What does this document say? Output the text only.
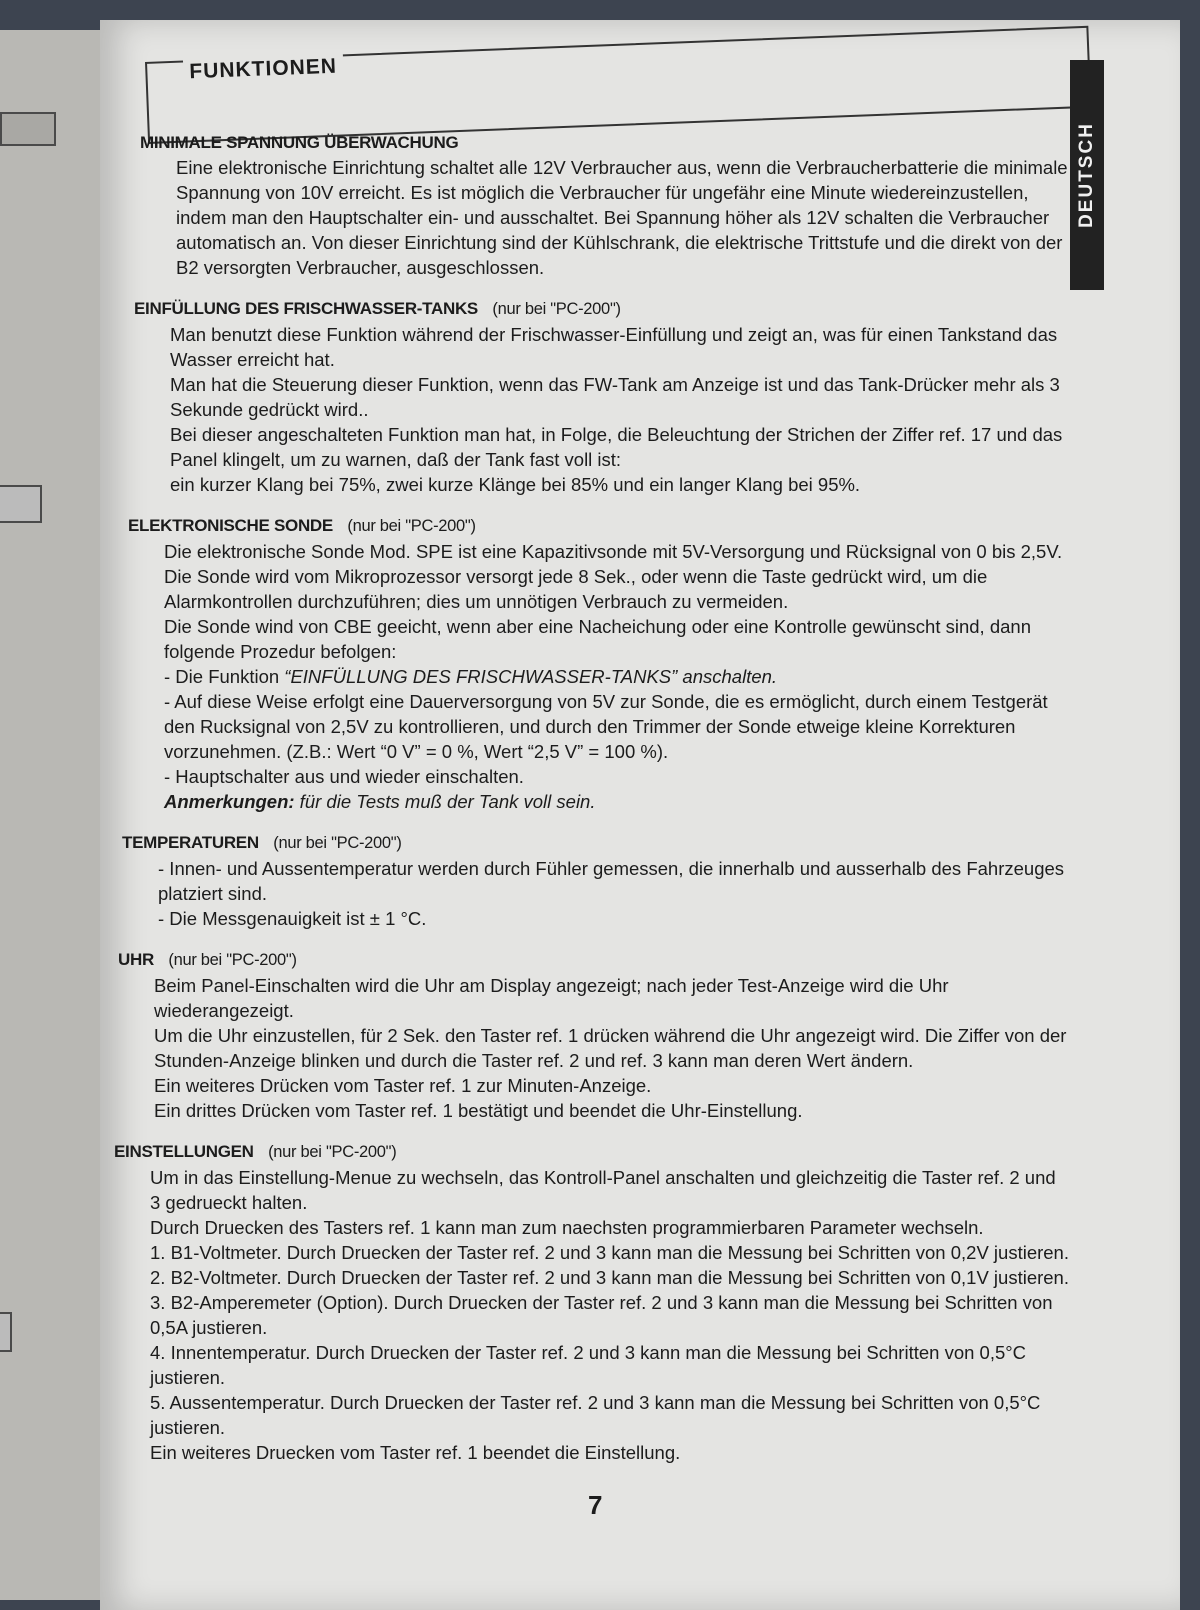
FUNKTIONEN
DEUTSCH
MINIMALE SPANNUNG ÜBERWACHUNG

Eine elektronische Einrichtung schaltet alle 12V Verbraucher aus, wenn die Verbraucherbatterie die minimale Spannung von 10V erreicht. Es ist möglich die Verbraucher für ungefähr eine Minute wiedereinzustellen, indem man den Hauptschalter ein- und ausschaltet. Bei Spannung höher als 12V schalten die Verbraucher automatisch an. Von dieser Einrichtung sind der Kühlschrank, die elektrische Trittstufe und die direkt von der B2 versorgten Verbraucher, ausgeschlossen.

EINFÜLLUNG DES FRISCHWASSER-TANKS (nur bei "PC-200")

Man benutzt diese Funktion während der Frischwasser-Einfüllung und zeigt an, was für einen Tankstand das Wasser erreicht hat.

Man hat die Steuerung dieser Funktion, wenn das FW-Tank am Anzeige ist und das Tank-Drücker mehr als 3 Sekunde gedrückt wird..

Bei dieser angeschalteten Funktion man hat, in Folge, die Beleuchtung der Strichen der Ziffer ref. 17 und das Panel klingelt, um zu warnen, daß der Tank fast voll ist:

ein kurzer Klang bei 75%, zwei kurze Klänge bei 85% und ein langer Klang bei 95%.

ELEKTRONISCHE SONDE (nur bei "PC-200")

Die elektronische Sonde Mod. SPE ist eine Kapazitivsonde mit 5V-Versorgung und Rücksignal von 0 bis 2,5V. Die Sonde wird vom Mikroprozessor versorgt jede 8 Sek., oder wenn die Taste gedrückt wird, um die Alarmkontrollen durchzuführen; dies um unnötigen Verbrauch zu vermeiden.

Die Sonde wind von CBE geeicht, wenn aber eine Nacheichung oder eine Kontrolle gewünscht sind, dann folgende Prozedur befolgen:

- Die Funktion “EINFÜLLUNG DES FRISCHWASSER-TANKS” anschalten.

- Auf diese Weise erfolgt eine Dauerversorgung von 5V zur Sonde, die es ermöglicht, durch einem Testgerät den Rucksignal von 2,5V zu kontrollieren, und durch den Trimmer der Sonde etweige kleine Korrekturen vorzunehmen. (Z.B.: Wert “0 V” = 0 %, Wert “2,5 V” = 100 %).

- Hauptschalter aus und wieder einschalten.

Anmerkungen: für die Tests muß der Tank voll sein.

TEMPERATUREN (nur bei "PC-200")

- Innen- und Aussentemperatur werden durch Fühler gemessen, die innerhalb und ausserhalb des Fahrzeuges platziert sind.

- Die Messgenauigkeit ist ± 1 °C.

UHR (nur bei "PC-200")

Beim Panel-Einschalten wird die Uhr am Display angezeigt; nach jeder Test-Anzeige wird die Uhr wiederangezeigt.

Um die Uhr einzustellen, für 2 Sek. den Taster ref. 1 drücken während die Uhr angezeigt wird. Die Ziffer von der Stunden-Anzeige blinken und durch die Taster ref. 2 und ref. 3 kann man deren Wert ändern.

Ein weiteres Drücken vom Taster ref. 1 zur Minuten-Anzeige.

Ein drittes Drücken vom Taster ref. 1 bestätigt und beendet die Uhr-Einstellung.

EINSTELLUNGEN (nur bei "PC-200")

Um in das Einstellung-Menue zu wechseln, das Kontroll-Panel anschalten und gleichzeitig die Taster ref. 2 und 3 gedrueckt halten.

Durch Druecken des Tasters ref. 1 kann man zum naechsten programmierbaren Parameter wechseln.

1. B1-Voltmeter. Durch Druecken der Taster ref. 2 und 3 kann man die Messung bei Schritten von 0,2V justieren.

2. B2-Voltmeter. Durch Druecken der Taster ref. 2 und 3 kann man die Messung bei Schritten von 0,1V justieren.

3. B2-Amperemeter (Option). Durch Druecken der Taster ref. 2 und 3 kann man die Messung bei Schritten von 0,5A justieren.

4. Innentemperatur. Durch Druecken der Taster ref. 2 und 3 kann man die Messung bei Schritten von 0,5°C justieren.

5. Aussentemperatur. Durch Druecken der Taster ref. 2 und 3 kann man die Messung bei Schritten von 0,5°C justieren.

Ein weiteres Druecken vom Taster ref. 1 beendet die Einstellung.

7
